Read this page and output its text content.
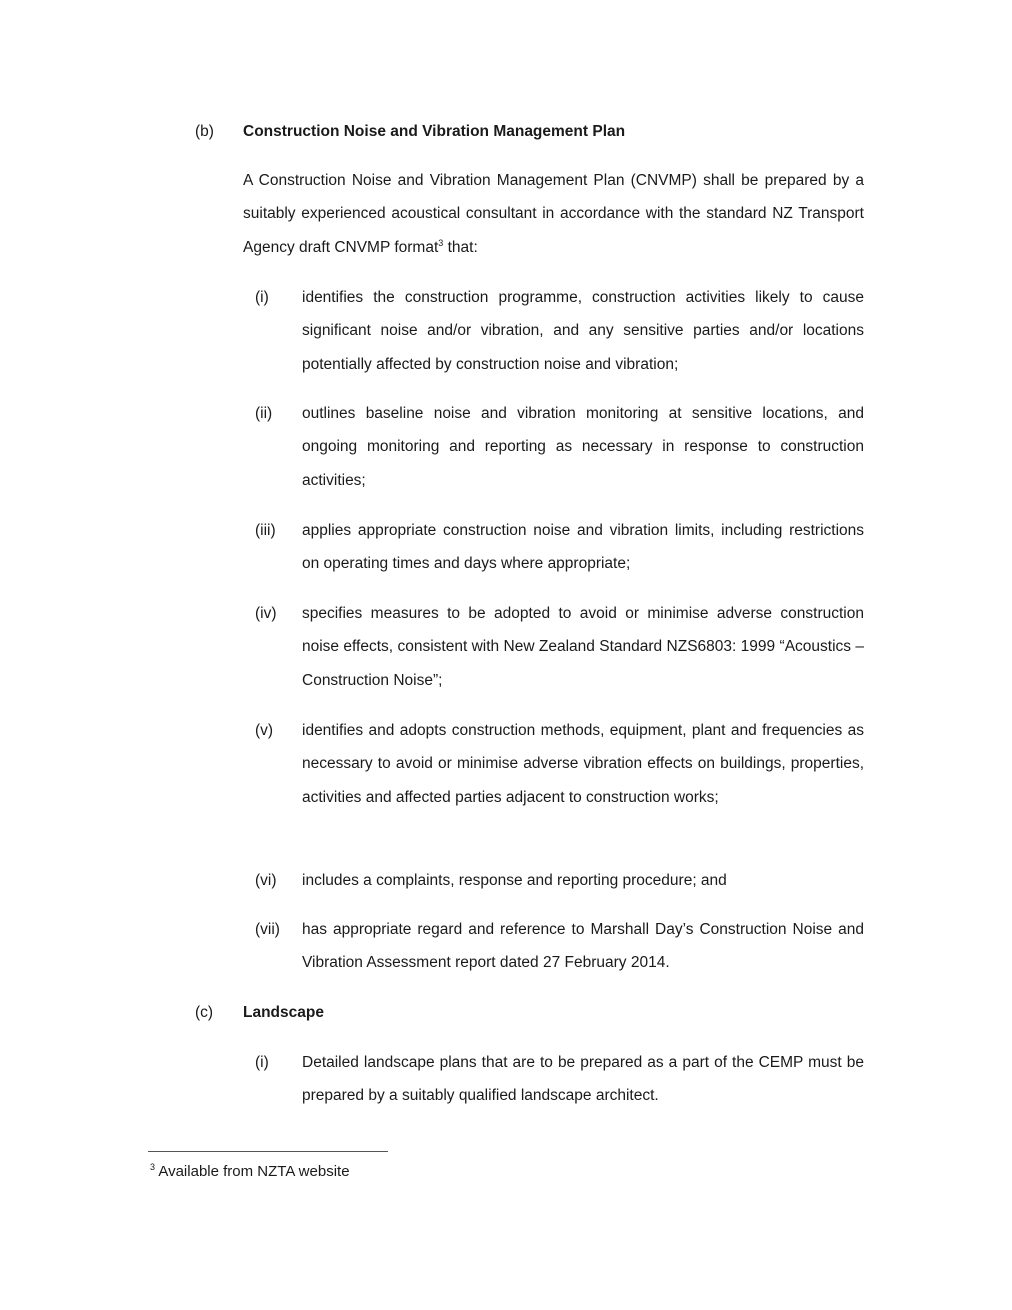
(b) Construction Noise and Vibration Management Plan

A Construction Noise and Vibration Management Plan (CNVMP) shall be prepared by a suitably experienced acoustical consultant in accordance with the standard NZ Transport Agency draft CNVMP format$^3$ that:

(i) identifies the construction programme, construction activities likely to cause significant noise and/or vibration, and any sensitive parties and/or locations potentially affected by construction noise and vibration;

(ii) outlines baseline noise and vibration monitoring at sensitive locations, and ongoing monitoring and reporting as necessary in response to construction activities;

(iii) applies appropriate construction noise and vibration limits, including restrictions on operating times and days where appropriate;

(iv) specifies measures to be adopted to avoid or minimise adverse construction noise effects, consistent with New Zealand Standard NZS6803: 1999 “Acoustics – Construction Noise”;

(v) identifies and adopts construction methods, equipment, plant and frequencies as necessary to avoid or minimise adverse vibration effects on buildings, properties, activities and affected parties adjacent to construction works;

(vi) includes a complaints, response and reporting procedure; and

(vii) has appropriate regard and reference to Marshall Day’s Construction Noise and Vibration Assessment report dated 27 February 2014.

(c) Landscape
(i) Detailed landscape plans that are to be prepared as a part of the CEMP must be prepared by a suitably qualified landscape architect.

$^3$ Available from NZTA website
